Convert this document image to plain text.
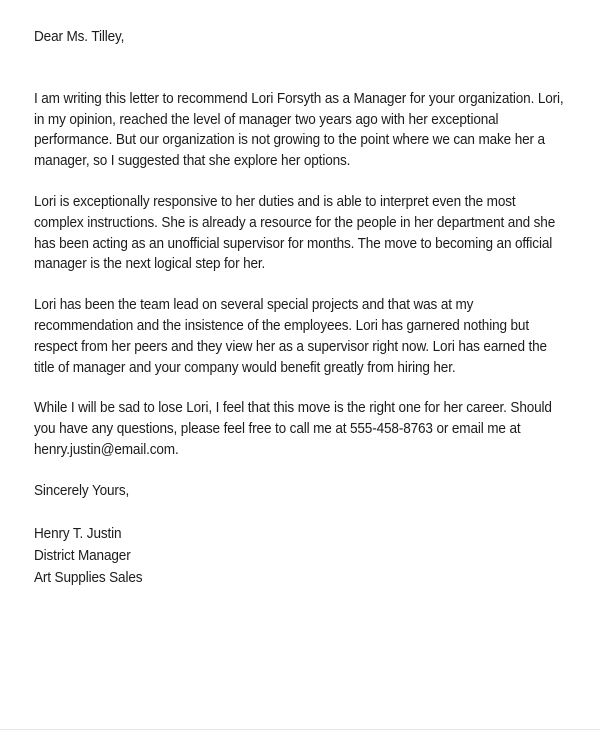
Dear Ms. Tilley,
I am writing this letter to recommend Lori Forsyth as a Manager for your organization. Lori,
in my opinion, reached the level of manager two years ago with her exceptional
performance. But our organization is not growing to the point where we can make her a
manager, so I suggested that she explore her options.
Lori is exceptionally responsive to her duties and is able to interpret even the most
complex instructions. She is already a resource for the people in her department and she
has been acting as an unofficial supervisor for months. The move to becoming an official
manager is the next logical step for her.
Lori has been the team lead on several special projects and that was at my
recommendation and the insistence of the employees. Lori has garnered nothing but
respect from her peers and they view her as a supervisor right now. Lori has earned the
title of manager and your company would benefit greatly from hiring her.
While I will be sad to lose Lori, I feel that this move is the right one for her career. Should
you have any questions, please feel free to call me at 555-458-8763 or email me at
henry.justin@email.com.
Sincerely Yours,
Henry T. Justin
District Manager
Art Supplies Sales
